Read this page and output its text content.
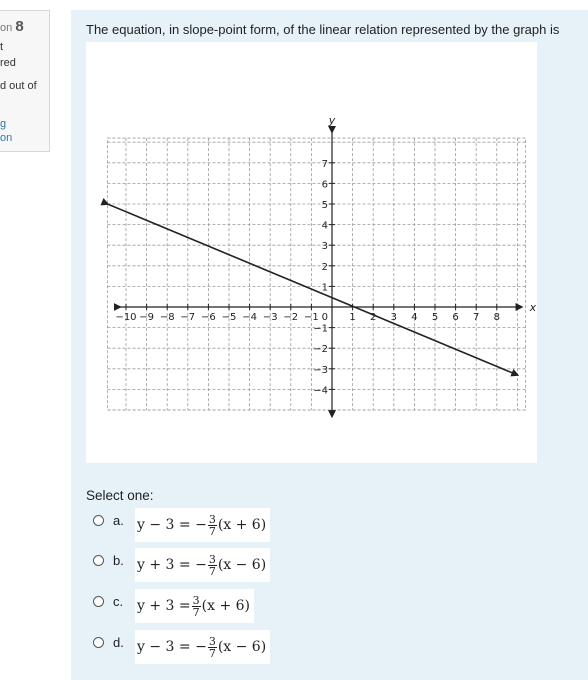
on 8
t
red
d out of
g
on
The equation, in slope-point form, of the linear relation represented by the graph is
−10 −9 −8 −7 −6 −5 −4 −3 −2 −1	1 2 3 4 5 6 7 8
7
6
5
4
3
2
1
−1
−2
−3
−4
0
x
y
Select one:
a. y − 3 = − $\frac{3}{7} (x + 6)$
b. y + 3 = − $\frac{3}{7} (x - 6)$
c. $y + 3 = \frac{3}{7} (x + 6)$
d. y − 3 = − $\frac{3}{7} (x - 6)$
